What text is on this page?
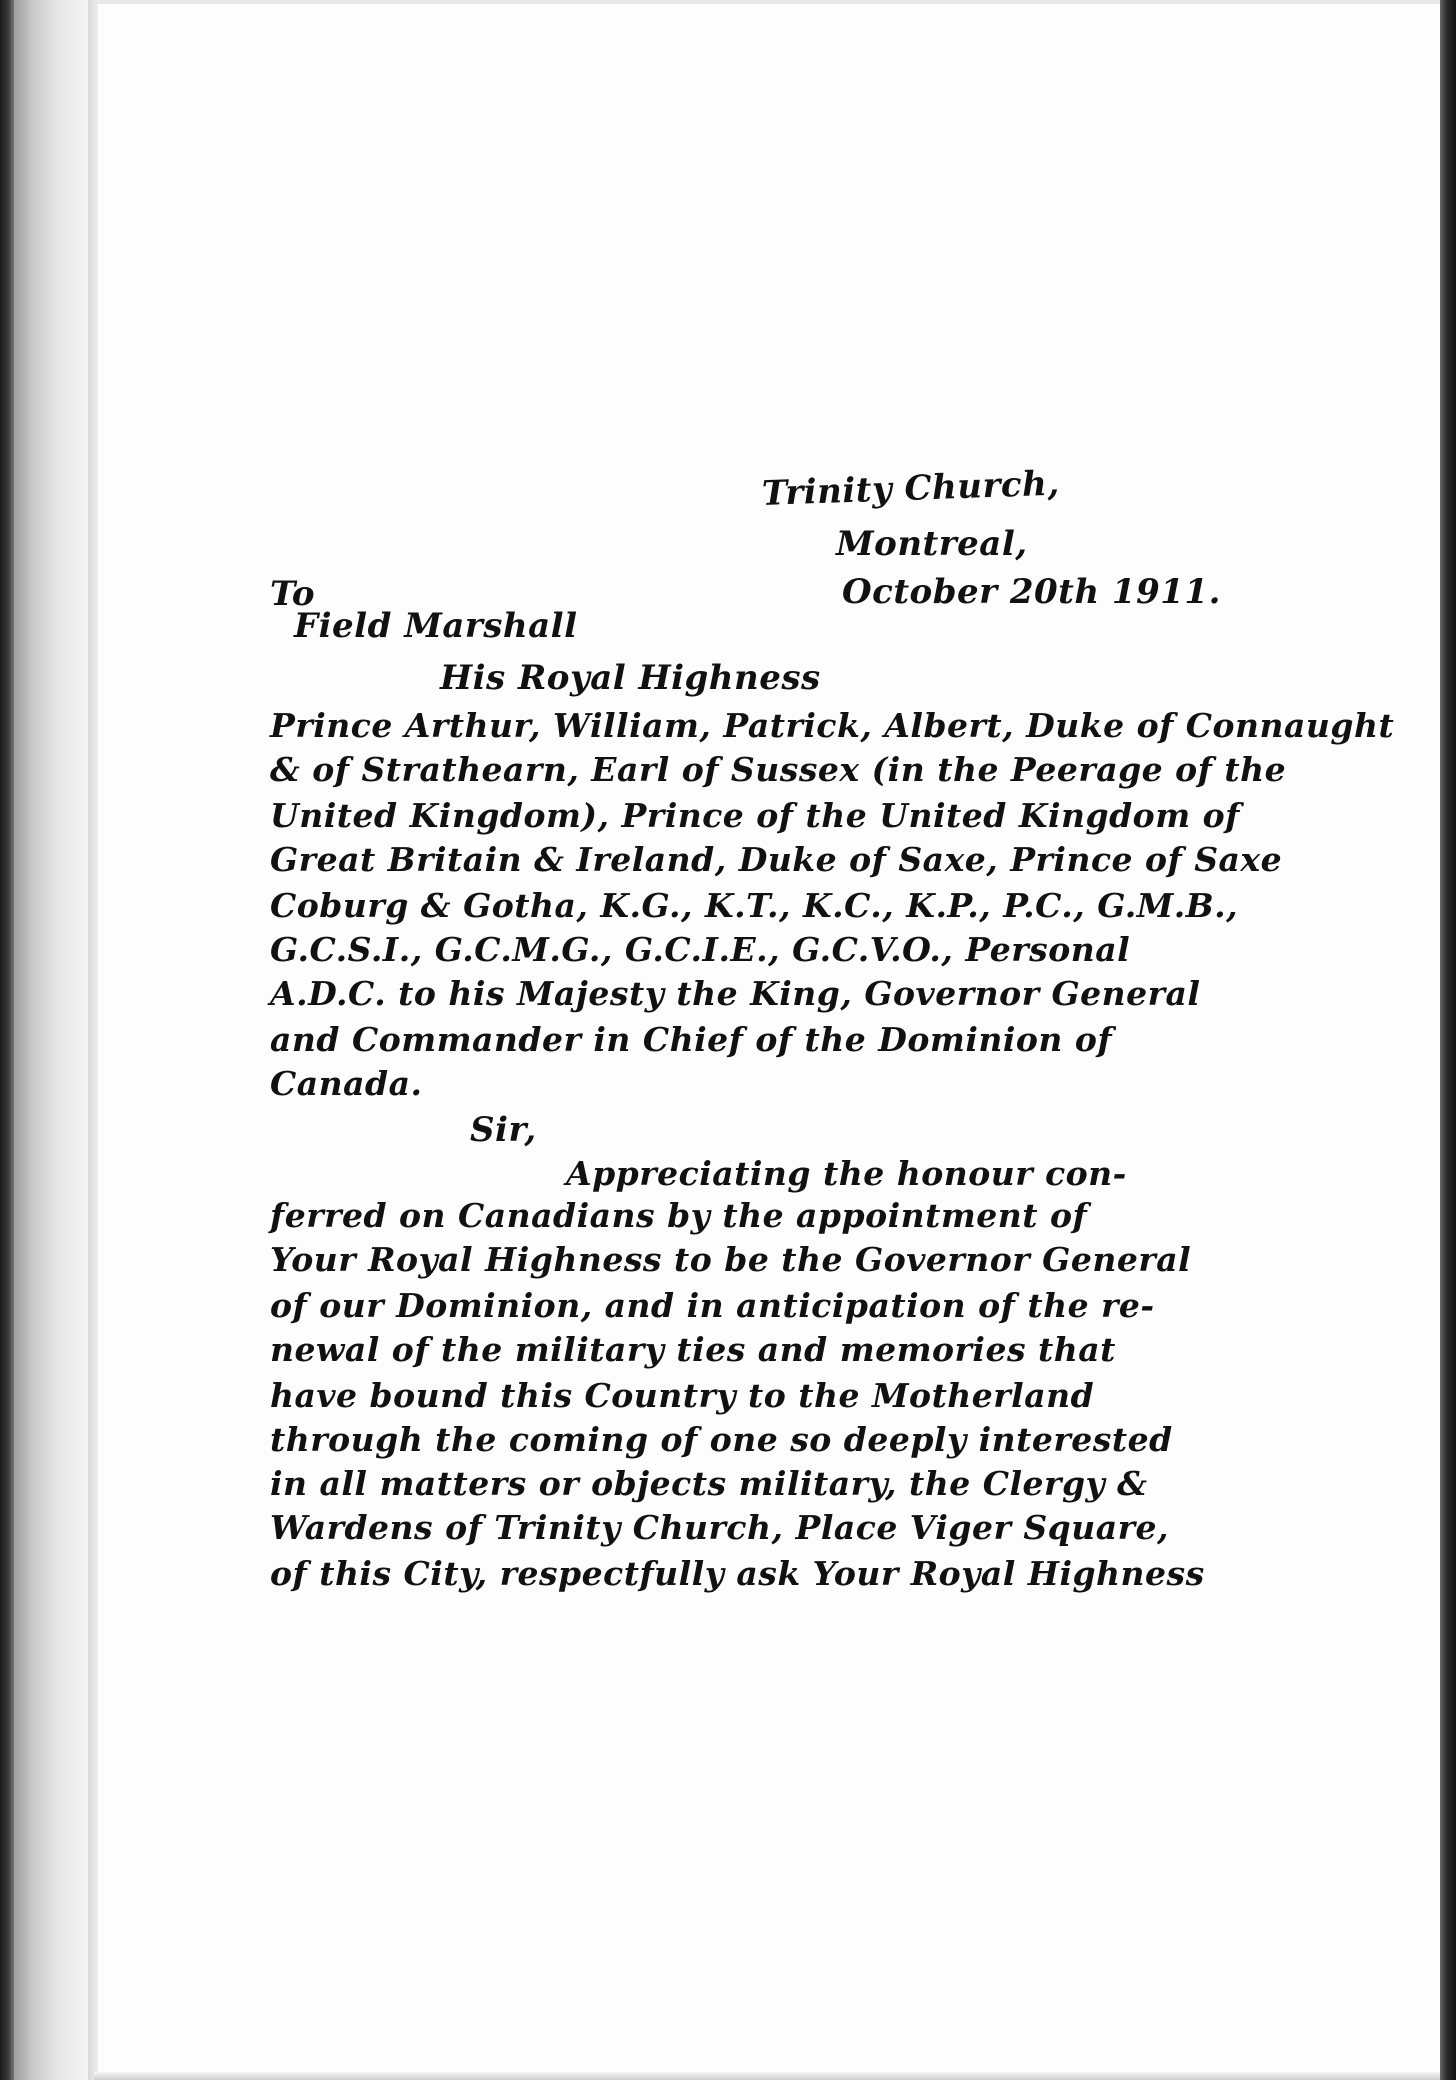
Trinity Church,
Montreal,
October 20th 1911.
To
Field Marshall
His Royal Highness
Prince Arthur, William, Patrick, Albert, Duke of Connaught
& of Strathearn, Earl of Sussex (in the Peerage of the
United Kingdom), Prince of the United Kingdom of
Great Britain & Ireland, Duke of Saxe, Prince of Saxe
Coburg & Gotha, K.G., K.T., K.C., K.P., P.C., G.M.B.,
G.C.S.I., G.C.M.G., G.C.I.E., G.C.V.O., Personal
A.D.C. to his Majesty the King, Governor General
and Commander in Chief of the Dominion of
Canada.
Sir,
Appreciating the honour con-
ferred on Canadians by the appointment of
Your Royal Highness to be the Governor General
of our Dominion, and in anticipation of the re-
newal of the military ties and memories that
have bound this Country to the Motherland
through the coming of one so deeply interested
in all matters or objects military, the Clergy &
Wardens of Trinity Church, Place Viger Square,
of this City, respectfully ask Your Royal Highness
